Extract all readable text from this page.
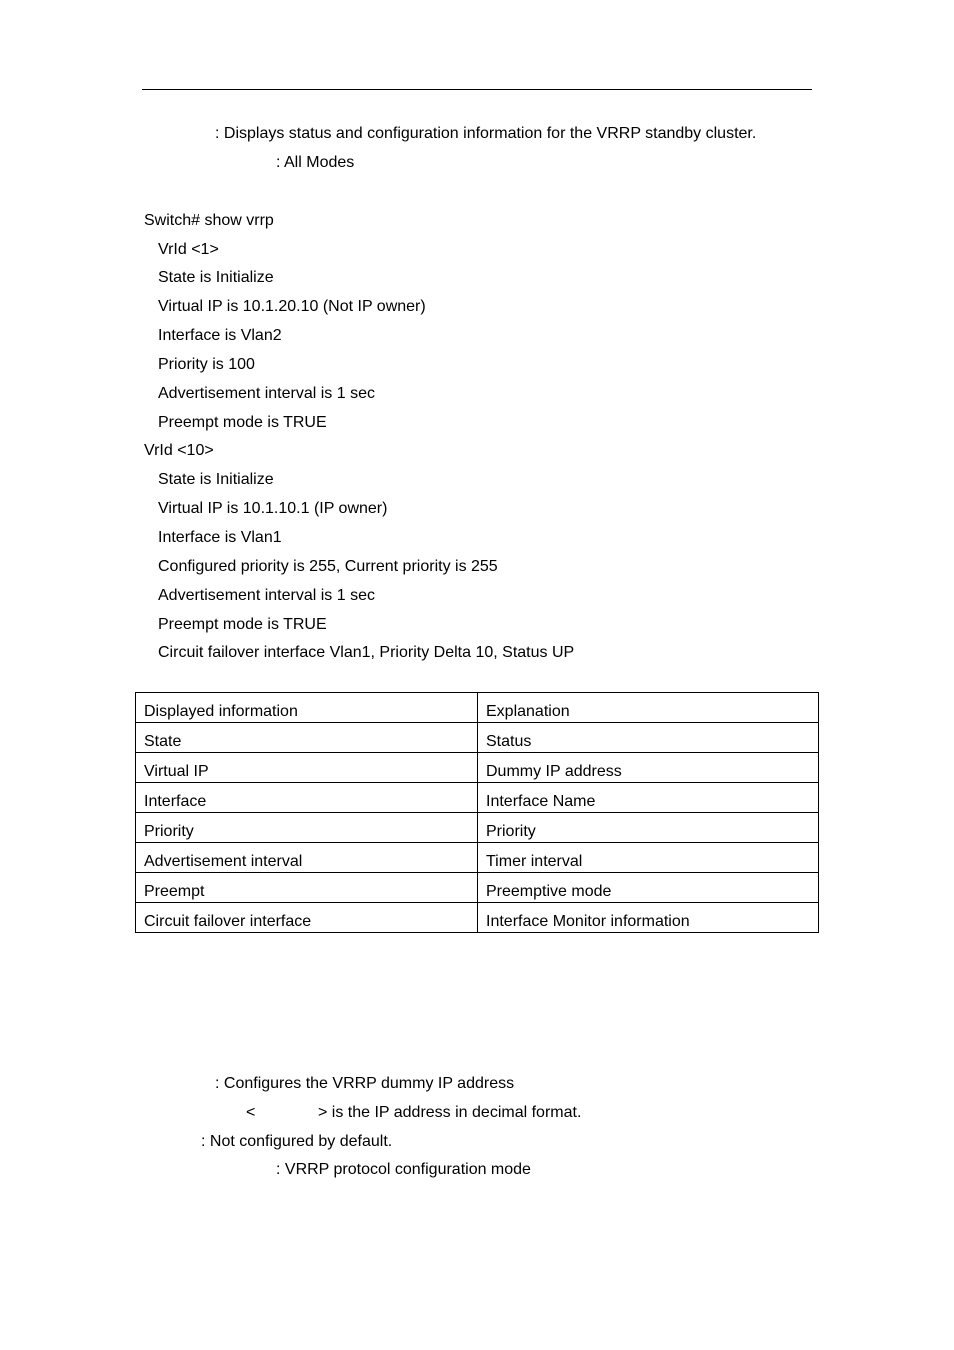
: Displays status and configuration information for the VRRP standby cluster.
: All Modes
Switch# show vrrp
VrId <1>
State is Initialize
Virtual IP is 10.1.20.10 (Not IP owner)
Interface is Vlan2
Priority is 100
Advertisement interval is 1 sec
Preempt mode is TRUE
VrId <10>
State is Initialize
Virtual IP is 10.1.10.1 (IP owner)
Interface is Vlan1
Configured priority is 255, Current priority is 255
Advertisement interval is 1 sec
Preempt mode is TRUE
Circuit failover interface Vlan1, Priority Delta 10, Status UP
Displayed information	Explanation
State	Status
Virtual IP	Dummy IP address
Interface	Interface Name
Priority	Priority
Advertisement interval	Timer interval
Preempt	Preemptive mode
Circuit failover interface	Interface Monitor information
: Configures the VRRP dummy IP address
<	> is the IP address in decimal format.
: Not configured by default.
: VRRP protocol configuration mode
